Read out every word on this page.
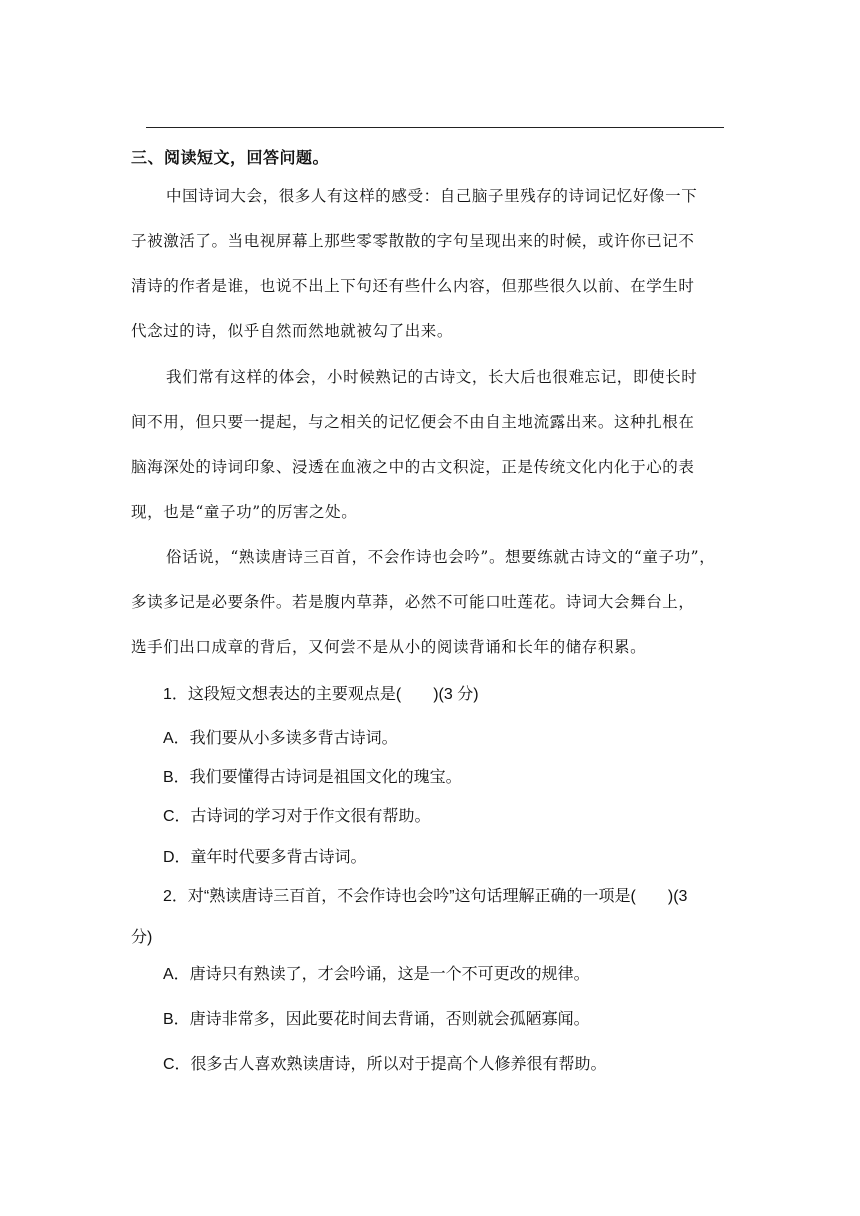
三、阅读短文，回答问题。
中国诗词大会，很多人有这样的感受：自己脑子里残存的诗词记忆好像一下
子被激活了。当电视屏幕上那些零零散散的字句呈现出来的时候，或许你已记不
清诗的作者是谁，也说不出上下句还有些什么内容，但那些很久以前、在学生时
代念过的诗，似乎自然而然地就被勾了出来。
我们常有这样的体会，小时候熟记的古诗文，长大后也很难忘记，即使长时
间不用，但只要一提起，与之相关的记忆便会不由自主地流露出来。这种扎根在
脑海深处的诗词印象、浸透在血液之中的古文积淀，正是传统文化内化于心的表
现，也是“童子功”的厉害之处。
俗话说，“熟读唐诗三百首，不会作诗也会吟”。想要练就古诗文的“童子功”，
多读多记是必要条件。若是腹内草莽，必然不可能口吐莲花。诗词大会舞台上，
选手们出口成章的背后，又何尝不是从小的阅读背诵和长年的储存积累。
1．这段短文想表达的主要观点是(　　)(3 分)
A．我们要从小多读多背古诗词。
B．我们要懂得古诗词是祖国文化的瑰宝。
C．古诗词的学习对于作文很有帮助。
D．童年时代要多背古诗词。
2．对“熟读唐诗三百首，不会作诗也会吟”这句话理解正确的一项是(　　)(3
分)
A．唐诗只有熟读了，才会吟诵，这是一个不可更改的规律。
B．唐诗非常多，因此要花时间去背诵，否则就会孤陋寡闻。
C．很多古人喜欢熟读唐诗，所以对于提高个人修养很有帮助。
